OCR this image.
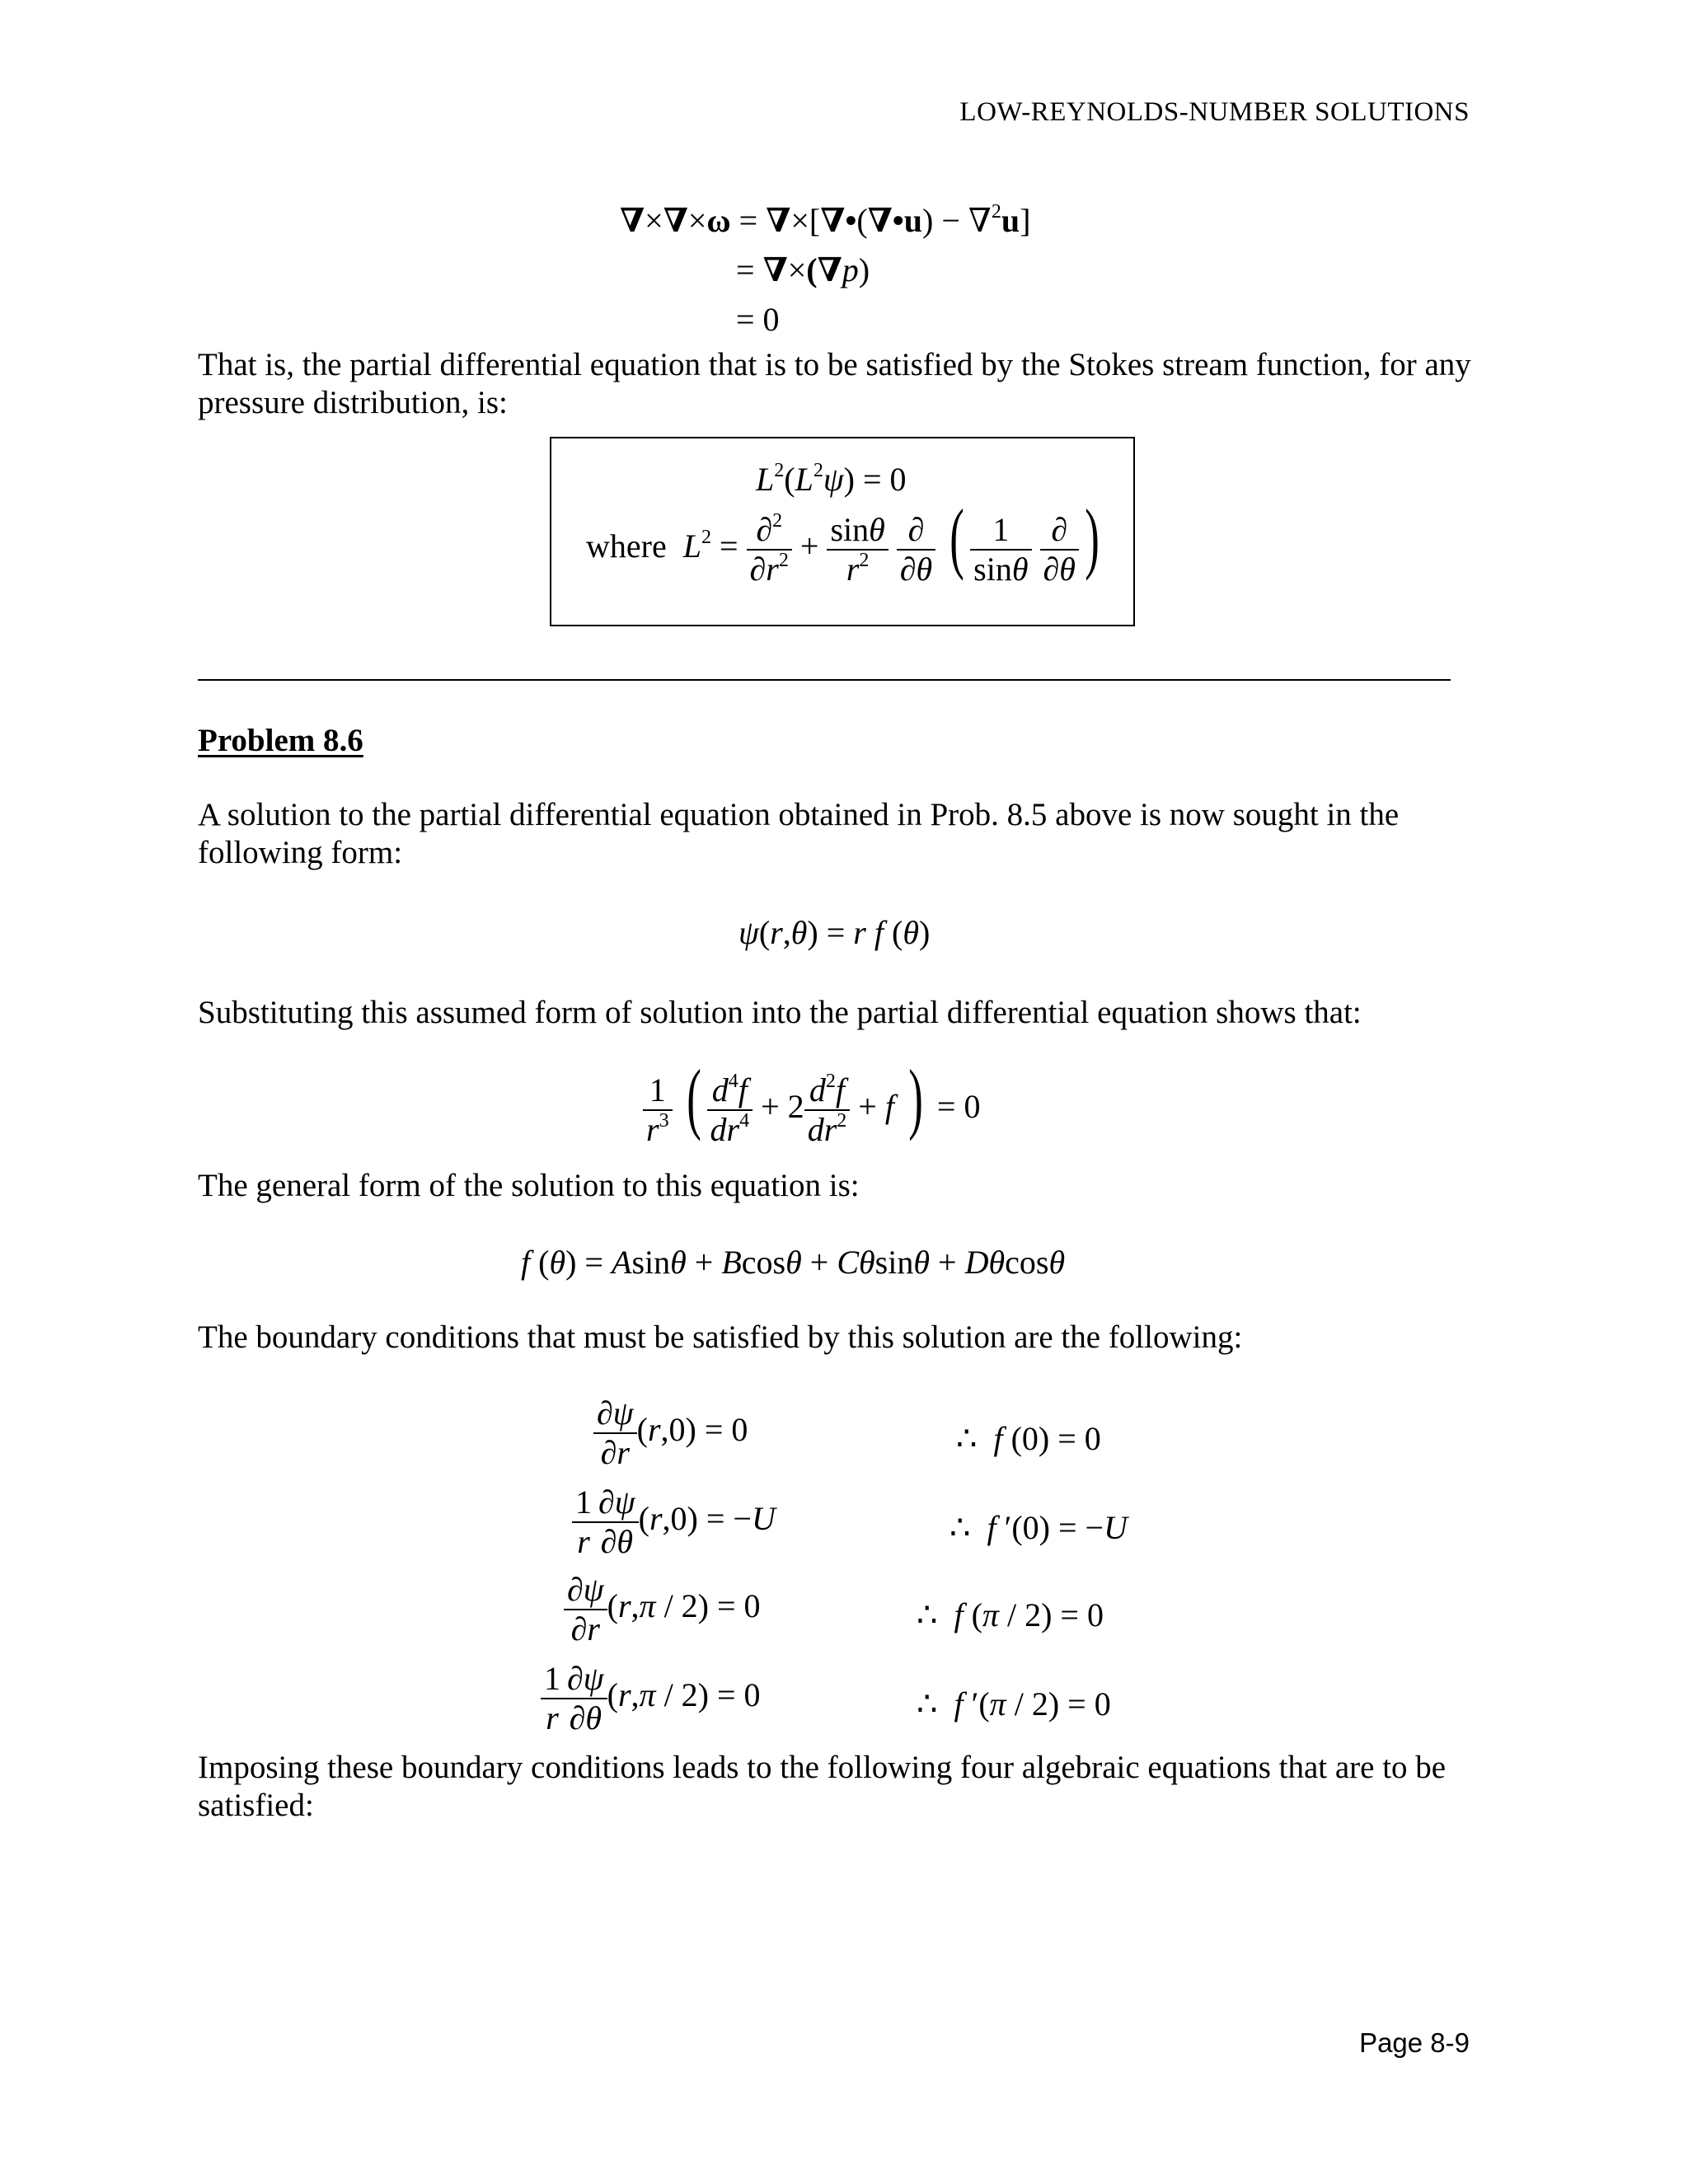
LOW-REYNOLDS-NUMBER SOLUTIONS
∇×∇×ω = ∇×[∇•(∇•u) − ∇$^2$u]
= ∇×(∇p)
= 0
That is, the partial differential equation that is to be satisfied by the Stokes stream function, for any pressure distribution, is:
$L^2(L^2\psi) = 0$
where $L^2 = \frac{\partial^2}{\partial r^2} + \frac{\sin\theta}{r^2}$
$\frac{\partial}{\partial\theta}$ ( $\frac{1}{\sin\theta}$
$\frac{\partial}{\partial\theta}$ )
Problem 8.6
A solution to the partial differential equation obtained in Prob. 8.5 above is now sought in the following form:
ψ(r,θ) = r f (θ)
Substituting this assumed form of solution into the partial differential equation shows that:
$\frac{1}{r^3}$ ( $\frac{d^4f}{dr^4} + 2 \frac{d^2f}{dr^2} + f$ ) = 0
The general form of the solution to this equation is:
f (θ) = Asinθ + Bcosθ + Cθsinθ + Dθcosθ
The boundary conditions that must be satisfied by this solution are the following:
$\frac{\partial\psi}{\partial r} (r,0) = 0$	∴ f (0) = 0
$\frac{1}{r} \frac{\partial\psi}{\partial\theta} (r,0) = -U$	∴ f ′(0) = −U
$\frac{\partial\psi}{\partial r} (r,\pi / 2) = 0$	∴ f (π / 2) = 0
$\frac{1}{r} \frac{\partial\psi}{\partial\theta} (r,\pi / 2) = 0$	∴ f ′(π / 2) = 0
Imposing these boundary conditions leads to the following four algebraic equations that are to be satisfied:
Page 8-9
